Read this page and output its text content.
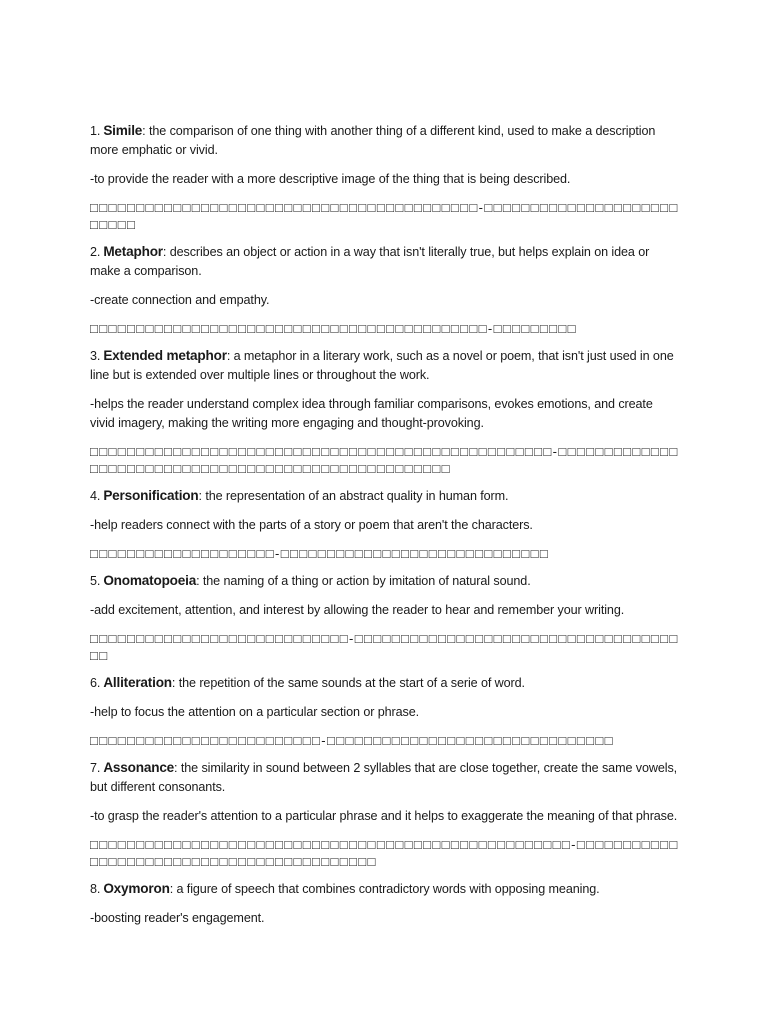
1. Simile: the comparison of one thing with another thing of a different kind, used to make a description more emphatic or vivid.

-to provide the reader with a more descriptive image of the thing that is being described.

□□□□□□□□□□□□□□□□□□□□□□□□□□□□□□□□□□□□□□□□□□-□□□□□□□□□□□□□□□□□□□□□□□□□□

2. Metaphor: describes an object or action in a way that isn't literally true, but helps explain on idea or make a comparison.

-create connection and empathy.

□□□□□□□□□□□□□□□□□□□□□□□□□□□□□□□□□□□□□□□□□□□-□□□□□□□□□

3. Extended metaphor: a metaphor in a literary work, such as a novel or poem, that isn't just used in one line but is extended over multiple lines or throughout the work.

-helps the reader understand complex idea through familiar comparisons, evokes emotions, and create vivid imagery, making the writing more engaging and thought-provoking.

□□□□□□□□□□□□□□□□□□□□□□□□□□□□□□□□□□□□□□□□□□□□□□□□□□-□□□□□□□□□□□□□□□□□□□□□□□□□□□□□□□□□□□□□□□□□□□□□□□□□□□□

4. Personification: the representation of an abstract quality in human form.

-help readers connect with the parts of a story or poem that aren't the characters.

□□□□□□□□□□□□□□□□□□□□-□□□□□□□□□□□□□□□□□□□□□□□□□□□□□

5. Onomatopoeia: the naming of a thing or action by imitation of natural sound.

-add excitement, attention, and interest by allowing the reader to hear and remember your writing.

□□□□□□□□□□□□□□□□□□□□□□□□□□□□-□□□□□□□□□□□□□□□□□□□□□□□□□□□□□□□□□□□□□

6. Alliteration: the repetition of the same sounds at the start of a serie of word.

-help to focus the attention on a particular section or phrase.

□□□□□□□□□□□□□□□□□□□□□□□□□-□□□□□□□□□□□□□□□□□□□□□□□□□□□□□□□

7. Assonance: the similarity in sound between 2 syllables that are close together, create the same vowels, but different consonants.

-to grasp the reader's attention to a particular phrase and it helps to exaggerate the meaning of that phrase.

□□□□□□□□□□□□□□□□□□□□□□□□□□□□□□□□□□□□□□□□□□□□□□□□□□□□-□□□□□□□□□□□□□□□□□□□□□□□□□□□□□□□□□□□□□□□□□□

8. Oxymoron: a figure of speech that combines contradictory words with opposing meaning.

-boosting reader's engagement.
